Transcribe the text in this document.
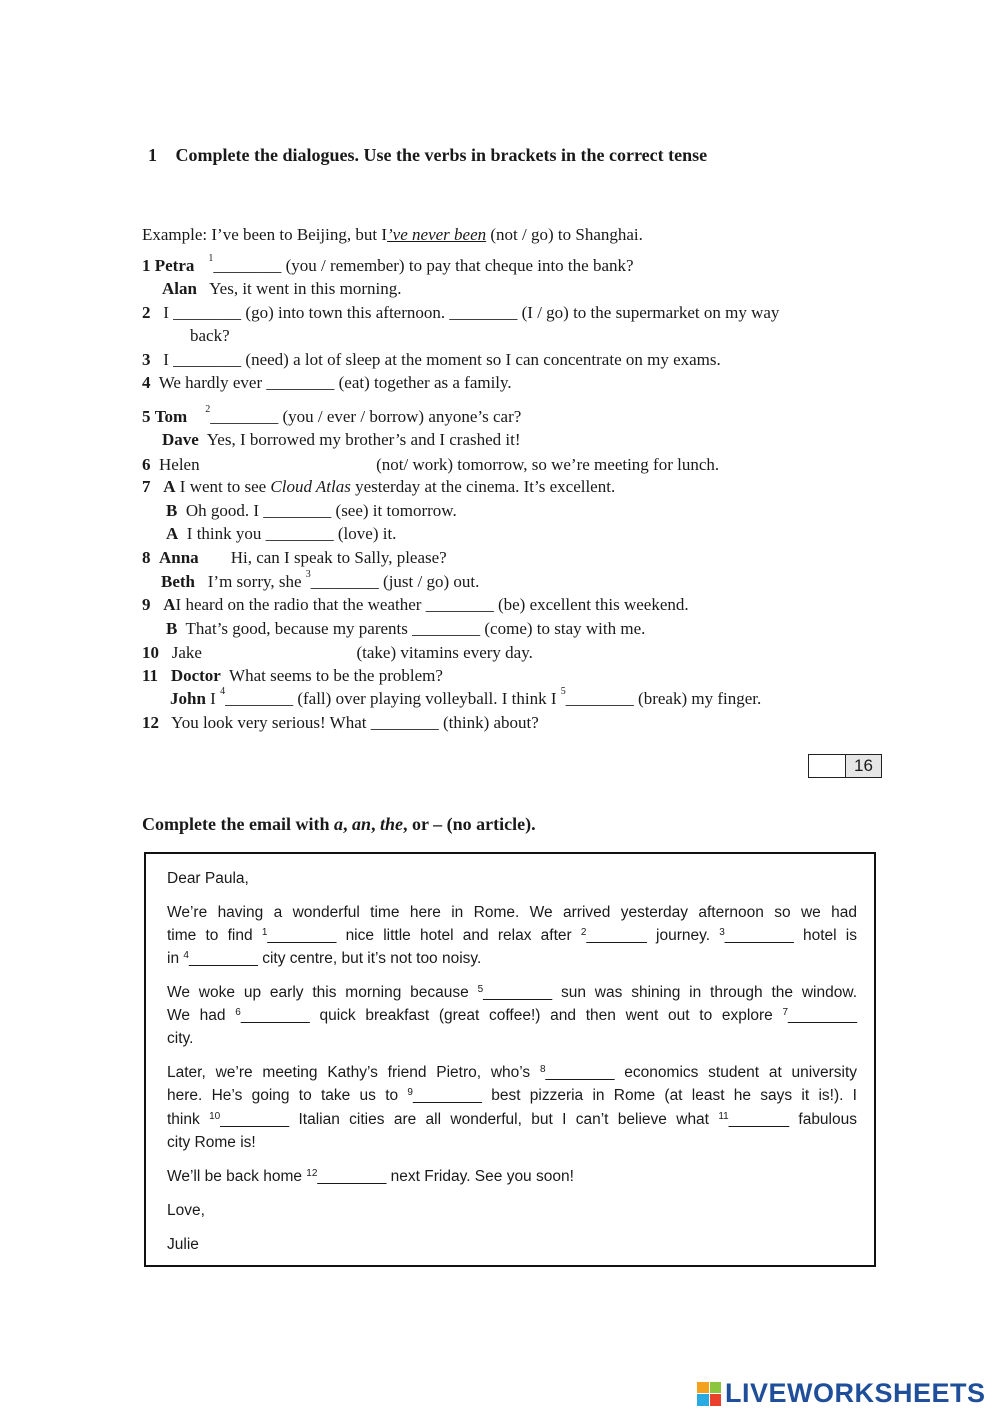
1 Complete the dialogues. Use the verbs in brackets in the correct tense
Example: I’ve been to Beijing, but I’ve never been (not / go) to Shanghai.
1 Petra $^1$________ (you / remember) to pay that cheque into the bank?
Alan Yes, it went in this morning.
2 I ________ (go) into town this afternoon. ________ (I / go) to the supermarket on my way
back?
3 I ________ (need) a lot of sleep at the moment so I can concentrate on my exams.
4 We hardly ever ________ (eat) together as a family.
5 Tom $^2$________ (you / ever / borrow) anyone’s car?
Dave Yes, I borrowed my brother’s and I crashed it!
6 Helen	(not/ work) tomorrow, so we’re meeting for lunch.
7 A I went to see Cloud Atlas yesterday at the cinema. It’s excellent.
B Oh good. I ________ (see) it tomorrow.
A I think you ________ (love) it.
8 Anna Hi, can I speak to Sally, please?
Beth I’m sorry, she $^3$________ (just / go) out.
9 AI heard on the radio that the weather ________ (be) excellent this weekend.
B That’s good, because my parents ________ (come) to stay with me.
10 Jake	(take) vitamins every day.
11 Doctor What seems to be the problem?
John I $^4$________ (fall) over playing volleyball. I think I $^5$________ (break) my finger.
12 You look very serious! What ________ (think) about?
16
Complete the email with a, an, the, or – (no article).
Dear Paula,
We’re having a wonderful time here in Rome. We arrived yesterday afternoon so we had
time to find $^1$________ nice little hotel and relax after $^2$_______ journey. $^3$________ hotel is
in $^4$________ city centre, but it’s not too noisy.
We woke up early this morning because $^5$________ sun was shining in through the window.
We had $^6$________ quick breakfast (great coffee!) and then went out to explore $^7$________
city.
Later, we’re meeting Kathy’s friend Pietro, who’s $^8$________ economics student at university
here. He’s going to take us to $^9$________ best pizzeria in Rome (at least he says it is!). I
think $^{10}$________ Italian cities are all wonderful, but I can’t believe what $^{11}$_______ fabulous
city Rome is!
We’ll be back home $^{12}$________ next Friday. See you soon!
Love,
Julie
LIVEWORKSHEETS
